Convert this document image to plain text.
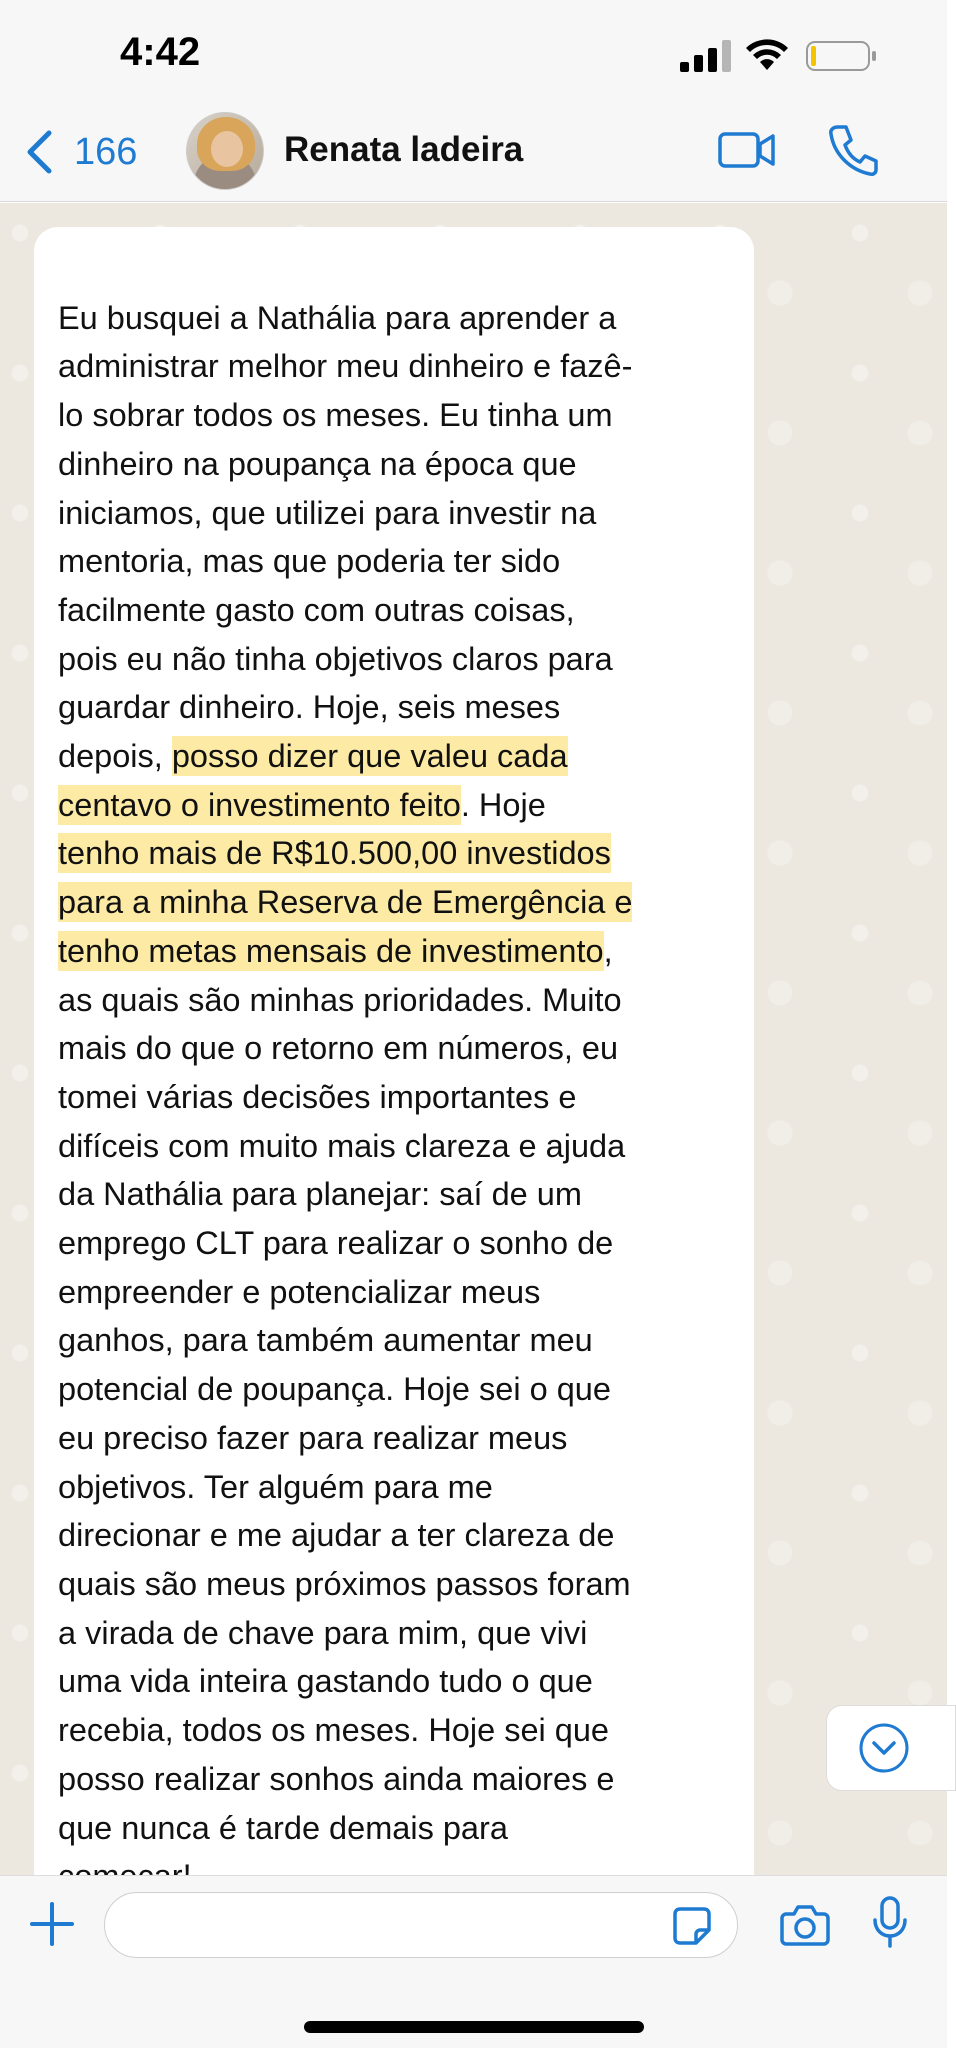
4:42
166	Renata ladeira

Eu busquei a Nathália para aprender a
administrar melhor meu dinheiro e fazê-
lo sobrar todos os meses. Eu tinha um
dinheiro na poupança na época que
iniciamos, que utilizei para investir na
mentoria, mas que poderia ter sido
facilmente gasto com outras coisas,
pois eu não tinha objetivos claros para
guardar dinheiro. Hoje, seis meses
depois, posso dizer que valeu cada
centavo o investimento feito. Hoje
tenho mais de R$10.500,00 investidos
para a minha Reserva de Emergência e
tenho metas mensais de investimento,
as quais são minhas prioridades. Muito
mais do que o retorno em números, eu
tomei várias decisões importantes e
difíceis com muito mais clareza e ajuda
da Nathália para planejar: saí de um
emprego CLT para realizar o sonho de
empreender e potencializar meus
ganhos, para também aumentar meu
potencial de poupança. Hoje sei o que
eu preciso fazer para realizar meus
objetivos. Ter alguém para me
direcionar e me ajudar a ter clareza de
quais são meus próximos passos foram
a virada de chave para mim, que vivi
uma vida inteira gastando tudo o que
recebia, todos os meses. Hoje sei que
posso realizar sonhos ainda maiores e
que nunca é tarde demais para
